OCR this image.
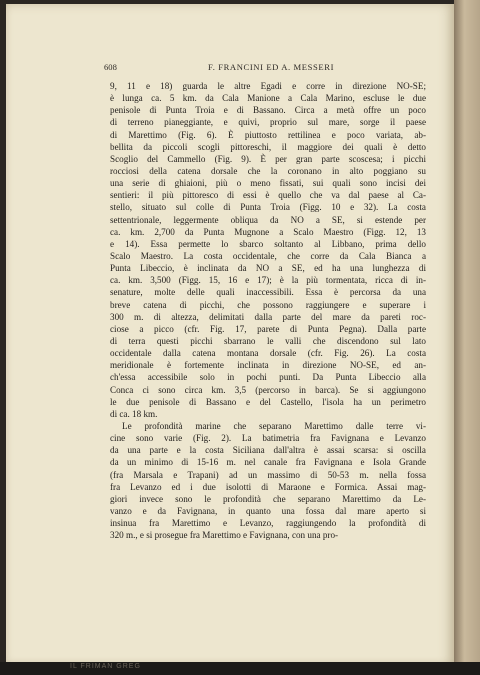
608	F. FRANCINI ED A. MESSERI
9, 11 e 18) guarda le altre Egadi e corre in direzione NO-SE;
è lunga ca. 5 km. da Cala Manione a Cala Marino, escluse le due
penisole di Punta Troia e di Bassano. Circa a metà offre un poco
di terreno pianeggiante, e quivi, proprio sul mare, sorge il paese
di Marettimo (Fig. 6). È piuttosto rettilinea e poco variata, ab-
bellita da piccoli scogli pittoreschi, il maggiore dei quali è detto
Scoglio del Cammello (Fig. 9). È per gran parte scoscesa; i picchi
rocciosi della catena dorsale che la coronano in alto poggiano su
una serie di ghiaioni, più o meno fissati, sui quali sono incisi dei
sentieri: il più pittoresco di essi è quello che va dal paese al Ca-
stello, situato sul colle di Punta Troia (Figg. 10 e 32). La costa
settentrionale, leggermente obliqua da NO a SE, si estende per
ca. km. 2,700 da Punta Mugnone a Scalo Maestro (Figg. 12, 13
e 14). Essa permette lo sbarco soltanto al Libbano, prima dello
Scalo Maestro. La costa occidentale, che corre da Cala Bianca a
Punta Libeccio, è inclinata da NO a SE, ed ha una lunghezza di
ca. km. 3,500 (Figg. 15, 16 e 17); è la più tormentata, ricca di in-
senature, molte delle quali inaccessibili. Essa è percorsa da una
breve catena di picchi, che possono raggiungere e superare i
300 m. di altezza, delimitati dalla parte del mare da pareti roc-
ciose a picco (cfr. Fig. 17, parete di Punta Pegna). Dalla parte
di terra questi picchi sbarrano le valli che discendono sul lato
occidentale dalla catena montana dorsale (cfr. Fig. 26). La costa
meridionale è fortemente inclinata in direzione NO-SE, ed an-
ch'essa accessibile solo in pochi punti. Da Punta Libeccio alla
Conca ci sono circa km. 3,5 (percorso in barca). Se si aggiungono
le due penisole di Bassano e del Castello, l'isola ha un perimetro
di ca. 18 km.
Le profondità marine che separano Marettimo dalle terre vi-
cine sono varie (Fig. 2). La batimetria fra Favignana e Levanzo
da una parte e la costa Siciliana dall'altra è assai scarsa: si oscilla
da un minimo di 15-16 m. nel canale fra Favignana e Isola Grande
(fra Marsala e Trapani) ad un massimo di 50-53 m. nella fossa
fra Levanzo ed i due isolotti di Maraone e Formica. Assai mag-
giori invece sono le profondità che separano Marettimo da Le-
vanzo e da Favignana, in quanto una fossa dal mare aperto si
insinua fra Marettimo e Levanzo, raggiungendo la profondità di
320 m., e si prosegue fra Marettimo e Favignana, con una pro-
IL FRIMAN GREG
